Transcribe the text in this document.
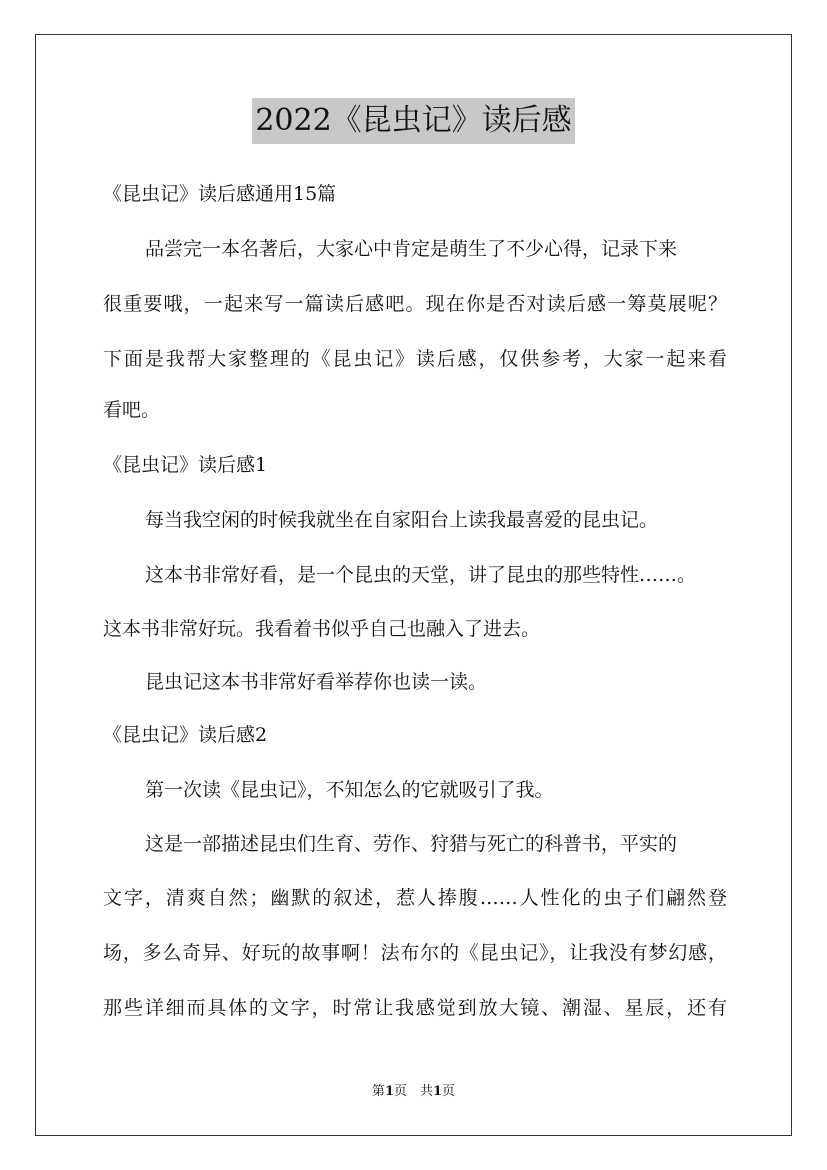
2022《昆虫记》读后感

《昆虫记》读后感通用15篇

品尝完一本名著后，大家心中肯定是萌生了不少心得，记录下来

很重要哦，一起来写一篇读后感吧。现在你是否对读后感一筹莫展呢？

下面是我帮大家整理的《昆虫记》读后感，仅供参考，大家一起来看

看吧。

《昆虫记》读后感1

每当我空闲的时候我就坐在自家阳台上读我最喜爱的昆虫记。

这本书非常好看，是一个昆虫的天堂，讲了昆虫的那些特性……。

这本书非常好玩。我看着书似乎自己也融入了进去。

昆虫记这本书非常好看举荐你也读一读。

《昆虫记》读后感2

第一次读《昆虫记》，不知怎么的它就吸引了我。

这是一部描述昆虫们生育、劳作、狩猎与死亡的科普书，平实的

文字，清爽自然；幽默的叙述，惹人捧腹……人性化的虫子们翩然登

场，多么奇异、好玩的故事啊！法布尔的《昆虫记》，让我没有梦幻感，

那些详细而具体的文字，时常让我感觉到放大镜、潮湿、星辰，还有

第1页　共1页
